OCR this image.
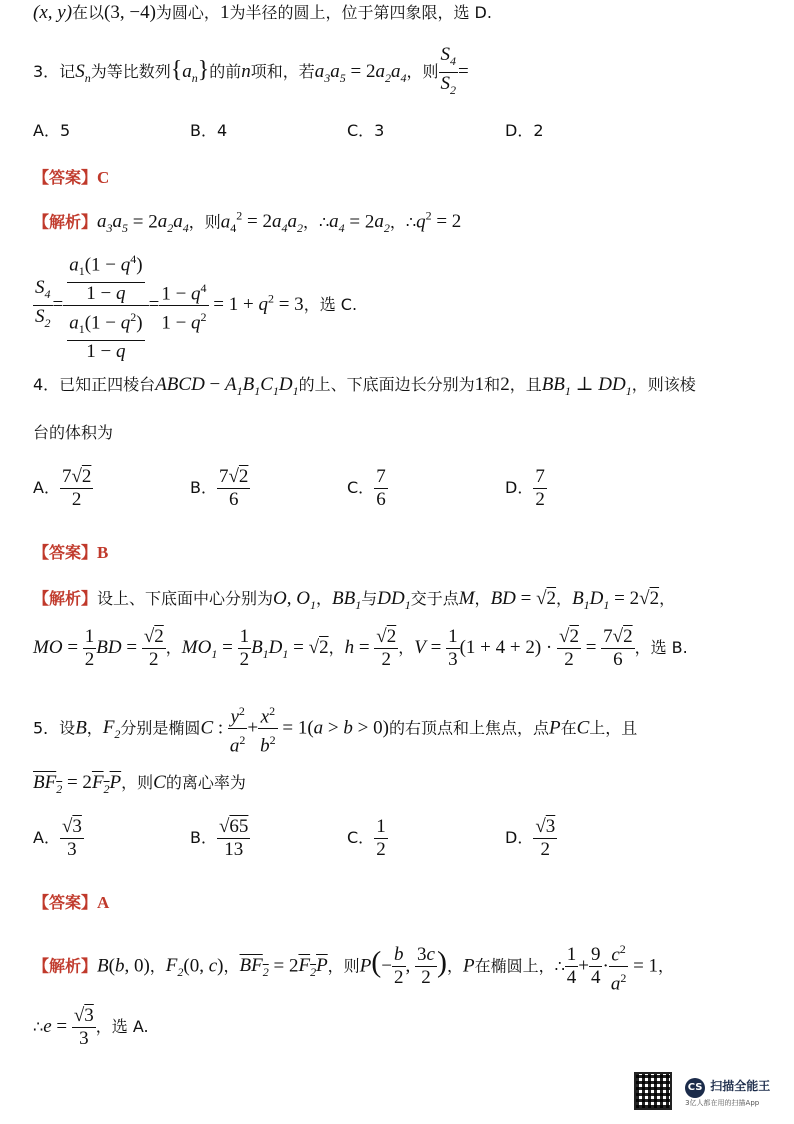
(x, y)在以(3, −4)为圆心，1为半径的圆上，位于第四象限，选 D.
3．记$S_n$为等比数列$\{a_n\}$的前n项和，若$a_3a_5 = 2a_2a_4$，则 $\frac{S_4}{S_2}$ =
A．5	B．4	C．3	D．2
【答案】C
【解析】$a_3a_5 = 2a_2a_4$，则$a_4^2 = 2a_4a_2$，$\therefore a_4 = 2a_2$，$\therefore q^2 = 2$
$\frac{S_4}{S_2} = \frac{\frac{a_1(1 - q^4)}{1 - q}}{\frac{a_1(1 - q^2)}{1 - q}} = \frac{1 - q^4}{1 - q^2} = 1 + q^2 = 3$，选 C.
4．已知正四棱台ABCD − $A_1B_1C_1D_1$的上、下底面边长分别为1和2，且$BB_1$ ⊥ $DD_1$，则该棱
台的体积为
A． $\frac{7√2}{2}$	B． $\frac{7√2}{6}$	C． $\frac{7}{6}$	D． $\frac{7}{2}$
【答案】B
【解析】设上、下底面中心分别为O, $O_1$，$BB_1$与$DD_1$交于点M，BD = √2，$B_1D_1 = 2√2$，
MO = $\frac{1}{2}$ BD = $\frac{√2}{2}$ ，$MO_1 = \frac{1}{2} B_1D_1 = √2$，$h = \frac{√2}{2}$ ，$V = \frac{1}{3} (1 + 4 + 2) \cdot \frac{√2}{2} = \frac{7√2}{6}$ ，选 B.
5．设B，$F_2$分别是椭圆C : $\frac{y^2}{a^2} + \frac{x^2}{b^2} = 1(a > b > 0)$的右顶点和上焦点，点P在C上，且
$BF_2 = 2F_2P$，则C的离心率为
A． $\frac{√3}{3}$	B． $\frac{√65}{13}$	C． $\frac{1}{2}$	D． $\frac{√3}{2}$
【答案】A
【解析】B(b, 0)，$F_2(0$, c)，$BF_2 = 2F_2P$，则$P(- \frac{b}{2}$ , $\frac{3c}{2}$ )，P在椭圆上，∴ $\frac{1}{4} + \frac{9}{4} \cdot \frac{c^2}{a^2} = 1$，
∴e = $\frac{√3}{3}$ ，选 A.

CS 扫描全能王
3亿人都在用的扫描App
